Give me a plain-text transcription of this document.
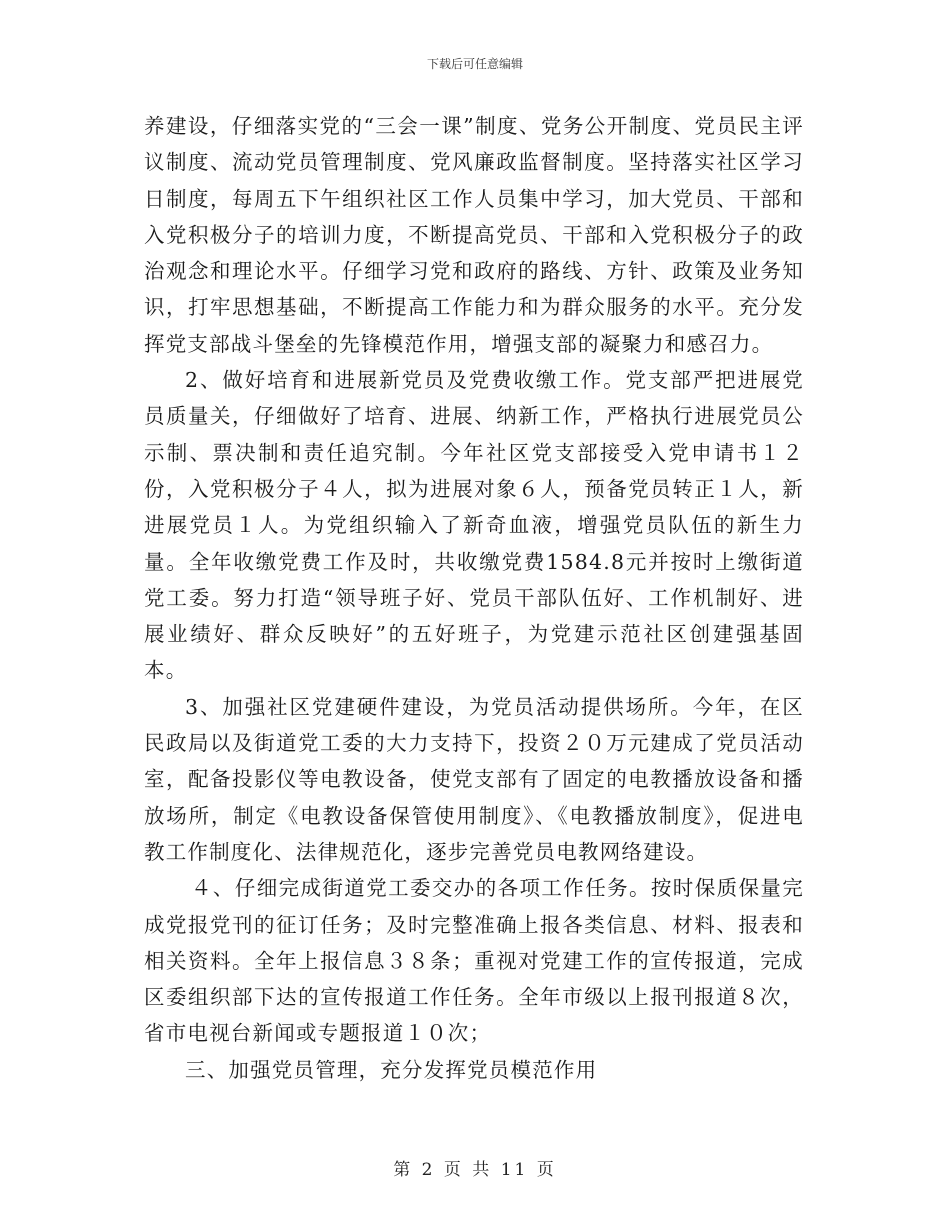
下载后可任意编辑

养建设，仔细落实党的“三会一课”制度、党务公开制度、党员民主评议制度、流动党员管理制度、党风廉政监督制度。坚持落实社区学习日制度，每周五下午组织社区工作人员集中学习，加大党员、干部和入党积极分子的培训力度，不断提高党员、干部和入党积极分子的政治观念和理论水平。仔细学习党和政府的路线、方针、政策及业务知识，打牢思想基础，不断提高工作能力和为群众服务的水平。充分发挥党支部战斗堡垒的先锋模范作用，增强支部的凝聚力和感召力。

2、做好培育和进展新党员及党费收缴工作。党支部严把进展党员质量关，仔细做好了培育、进展、纳新工作，严格执行进展党员公示制、票决制和责任追究制。今年社区党支部接受入党申请书１２份，入党积极分子４人，拟为进展对象６人，预备党员转正１人，新进展党员１人。为党组织输入了新奇血液，增强党员队伍的新生力量。全年收缴党费工作及时，共收缴党费1584.8元并按时上缴街道党工委。努力打造“领导班子好、党员干部队伍好、工作机制好、进展业绩好、群众反映好”的五好班子，为党建示范社区创建强基固本。

3、加强社区党建硬件建设，为党员活动提供场所。今年，在区民政局以及街道党工委的大力支持下，投资２０万元建成了党员活动室，配备投影仪等电教设备，使党支部有了固定的电教播放设备和播放场所，制定《电教设备保管使用制度》、《电教播放制度》，促进电教工作制度化、法律规范化，逐步完善党员电教网络建设。

４、仔细完成街道党工委交办的各项工作任务。按时保质保量完成党报党刊的征订任务；及时完整准确上报各类信息、材料、报表和相关资料。全年上报信息３８条；重视对党建工作的宣传报道，完成区委组织部下达的宣传报道工作任务。全年市级以上报刊报道８次，省市电视台新闻或专题报道１０次；

三、加强党员管理，充分发挥党员模范作用

第 2 页 共 11 页
